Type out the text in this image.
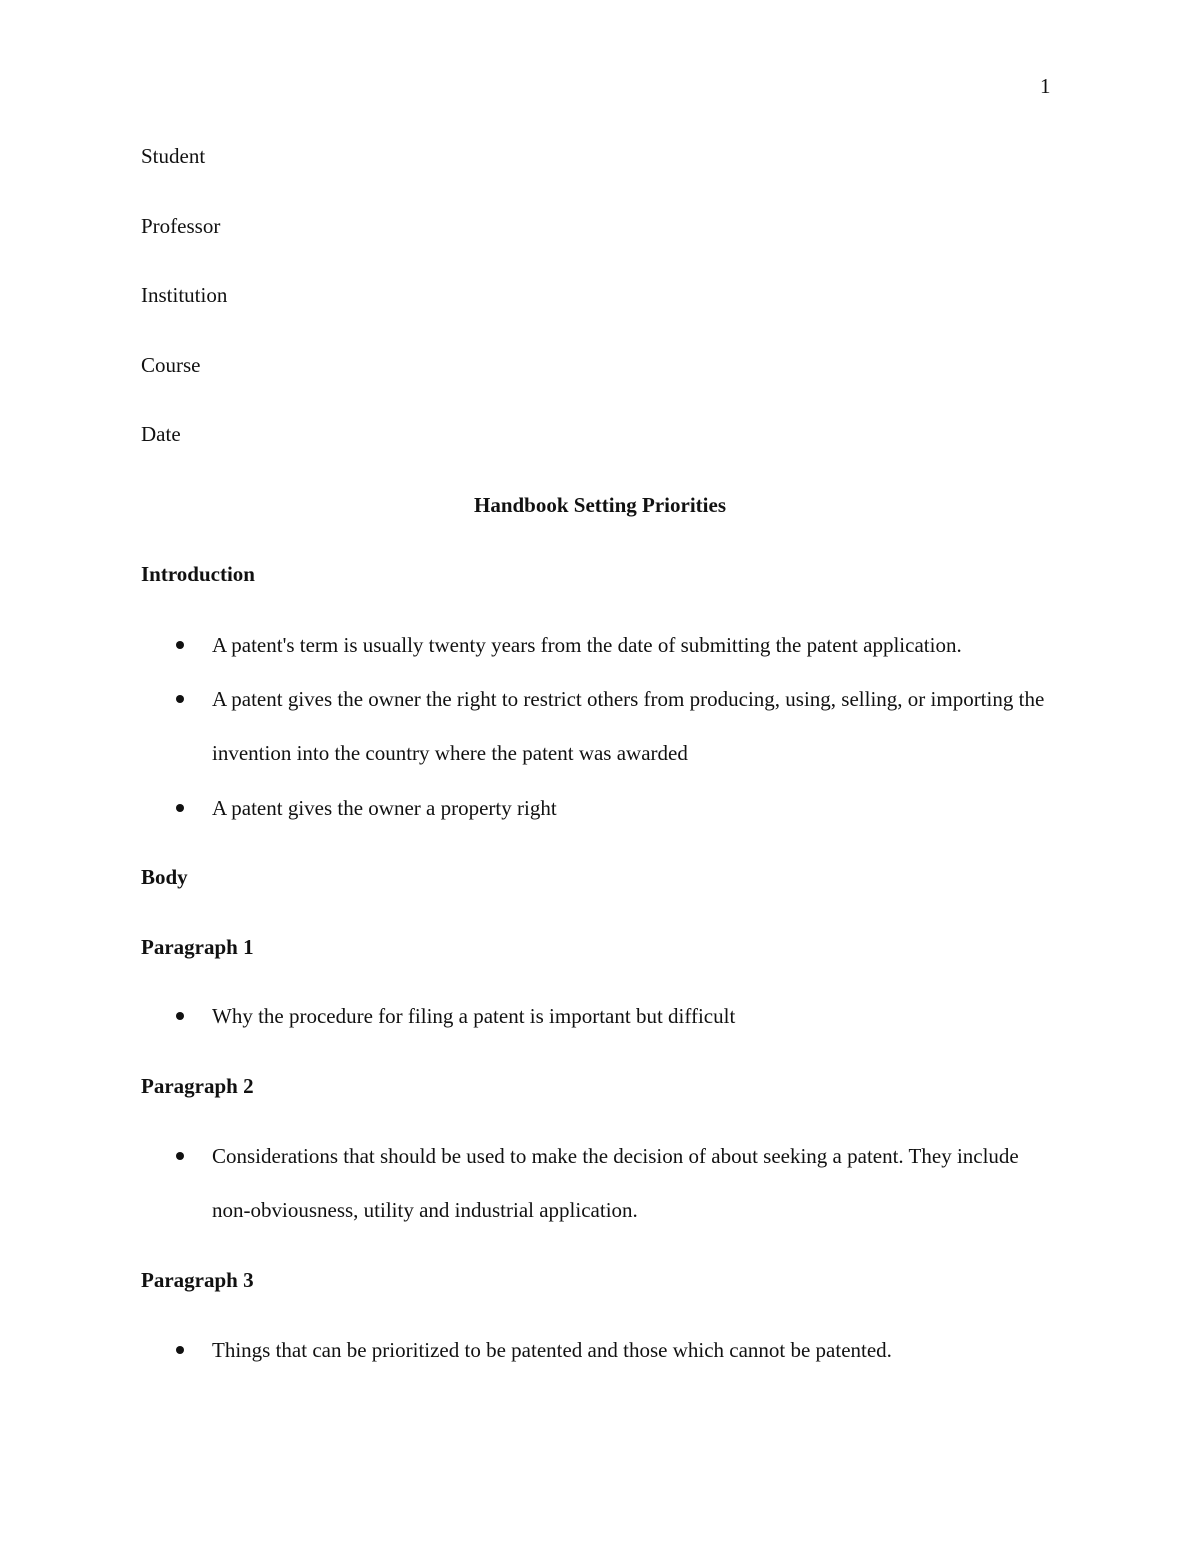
1
Student
Professor
Institution
Course
Date
Handbook Setting Priorities
Introduction
A patent's term is usually twenty years from the date of submitting the patent application.
A patent gives the owner the right to restrict others from producing, using, selling, or importing the invention into the country where the patent was awarded
A patent gives the owner a property right
Body
Paragraph 1
Why the procedure for filing a patent is important but difficult
Paragraph 2
Considerations that should be used to make the decision of about seeking a patent. They include non-obviousness, utility and industrial application.
Paragraph 3
Things that can be prioritized to be patented and those which cannot be patented.
